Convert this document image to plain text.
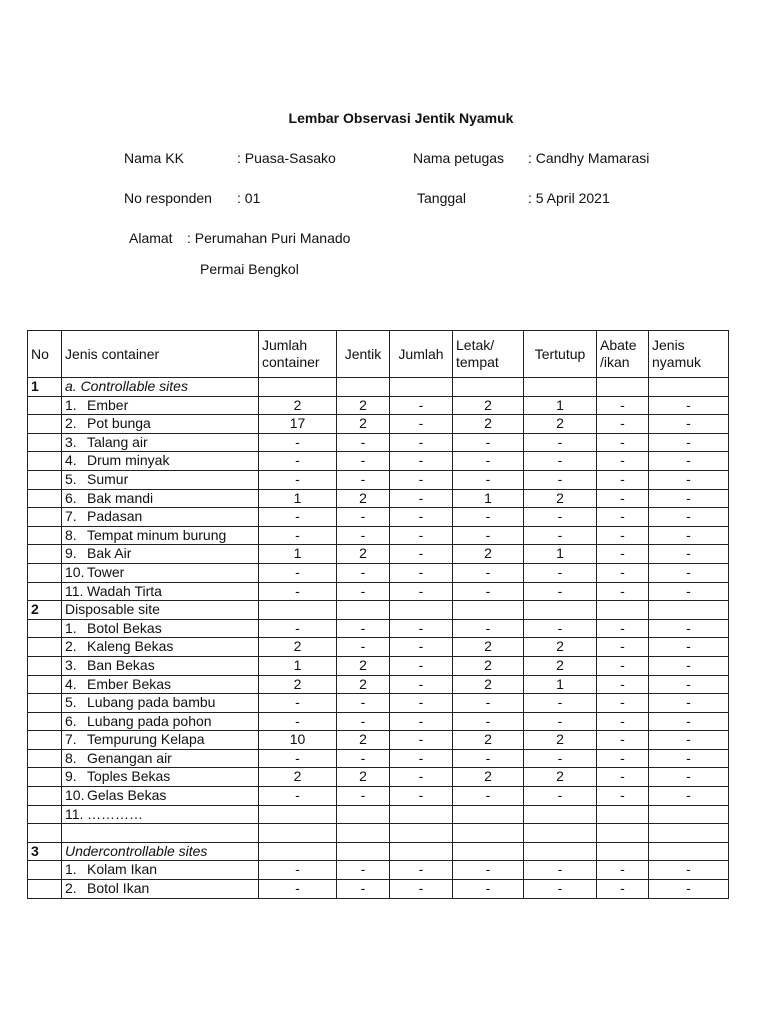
Lembar Observasi Jentik Nyamuk
Nama KK	: Puasa-Sasako	Nama petugas : Candhy Mamarasi
No responden : 01	Tanggal	: 5 April 2021
Alamat : Perumahan Puri Manado
Permai Bengkol
No	Jenis container	Jumlah container	Jentik	Jumlah	Letak/ tempat	Tertutup	Abate /ikan	Jenis nyamuk
1	a. Controllable sites							
	1. Ember	2	2	-	2	1	-	-
	2. Pot bunga	17	2	-	2	2	-	-
	3. Talang air	-	-	-	-	-	-	-
	4. Drum minyak	-	-	-	-	-	-	-
	5. Sumur	-	-	-	-	-	-	-
	6. Bak mandi	1	2	-	1	2	-	-
	7. Padasan	-	-	-	-	-	-	-
	8. Tempat minum burung	-	-	-	-	-	-	-
	9. Bak Air	1	2	-	2	1	-	-
	10. Tower	-	-	-	-	-	-	-
	11. Wadah Tirta	-	-	-	-	-	-	-
2	Disposable site							
	1. Botol Bekas	-	-	-	-	-	-	-
	2. Kaleng Bekas	2	-	-	2	2	-	-
	3. Ban Bekas	1	2	-	2	2	-	-
	4. Ember Bekas	2	2	-	2	1	-	-
	5. Lubang pada bambu	-	-	-	-	-	-	-
	6. Lubang pada pohon	-	-	-	-	-	-	-
	7. Tempurung Kelapa	10	2	-	2	2	-	-
	8. Genangan air	-	-	-	-	-	-	-
	9. Toples Bekas	2	2	-	2	2	-	-
	10. Gelas Bekas	-	-	-	-	-	-	-
	11. …………							

3	Undercontrollable sites							
	1. Kolam Ikan	-	-	-	-	-	-	-
	2. Botol Ikan	-	-	-	-	-	-	-
